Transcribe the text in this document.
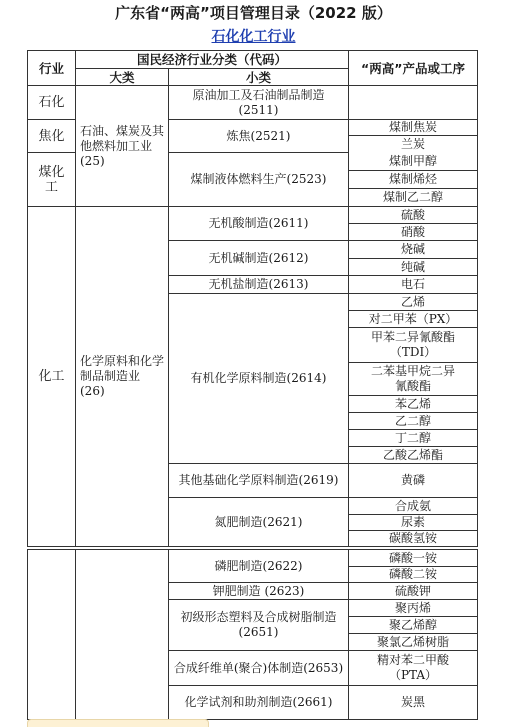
广东省“两高”项目管理目录（2022 版）
石化化工行业
行业
国民经济行业分类（代码）
大类	小类
“两高”产品或工序
石化
焦化
煤化工
化工
石油、煤炭及其他燃料加工业(25)
化学原料和化学制品制造业(26)
原油加工及石油制品制造(2511)
炼焦(2521)
煤制液体燃料生产(2523)
无机酸制造(2611)
无机碱制造(2612)
无机盐制造(2613)
有机化学原料制造(2614)
其他基础化学原料制造(2619)
氮肥制造(2621)
煤制焦炭
兰炭
煤制甲醇
煤制烯烃
煤制乙二醇
硫酸
硝酸
烧碱
纯碱
电石
乙烯
对二甲苯（PX）
甲苯二异氰酸酯
（TDI）
二苯基甲烷二异
氰酸酯
苯乙烯
乙二醇
丁二醇
乙酸乙烯酯
黄磷
合成氨
尿素
碳酸氢铵
磷肥制造(2622)
钾肥制造 (2623)
初级形态塑料及合成树脂制造(2651)
合成纤维单(聚合)体制造(2653)
化学试剂和助剂制造(2661)
磷酸一铵
磷酸二铵
硫酸钾
聚丙烯
聚乙烯醇
聚氯乙烯树脂
精对苯二甲酸
（PTA）
炭黑
